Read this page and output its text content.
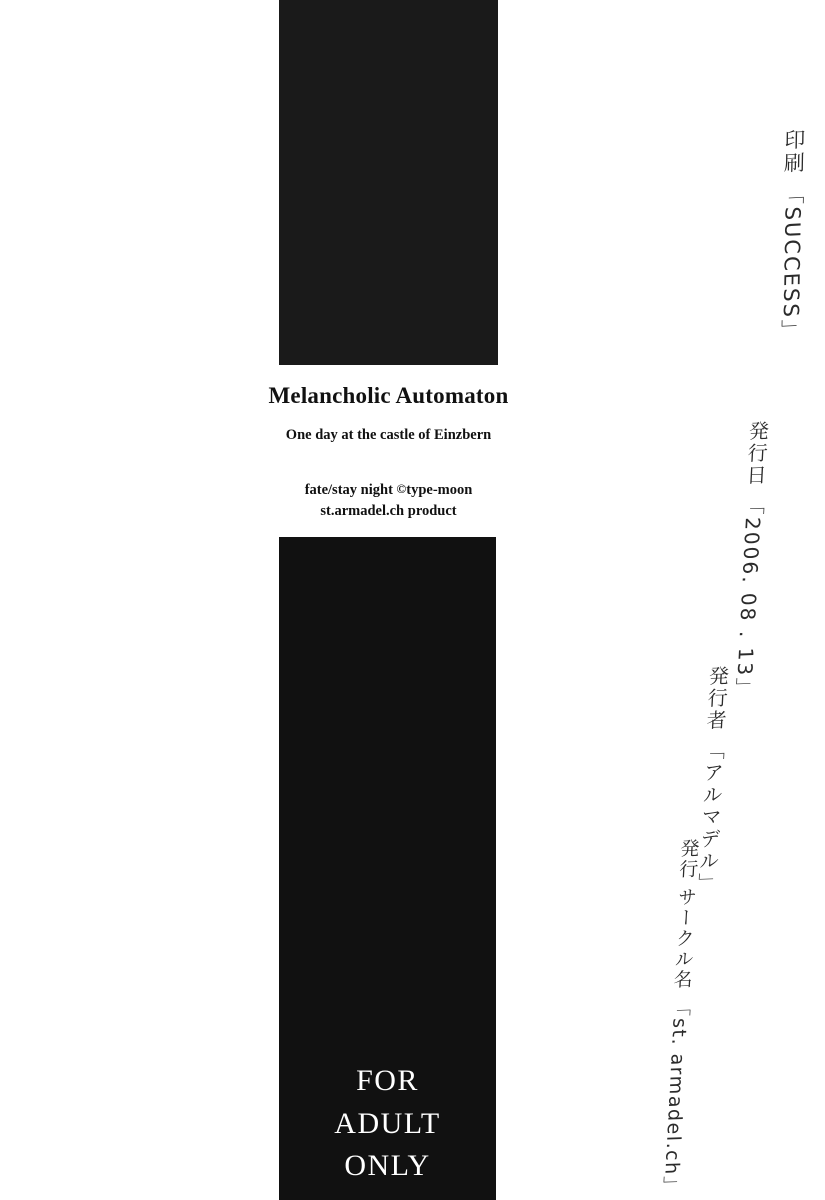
Melancholic Automaton
One day at the castle of Einzbern
fate/stay night ©type-moon
st.armadel.ch product
FOR
ADULT
ONLY
印刷 「SUCCESS」
発行日 「2006. 08 . 13」
発行者 「アルマデル」
発行 サークル名 「st. armadel.ch」
